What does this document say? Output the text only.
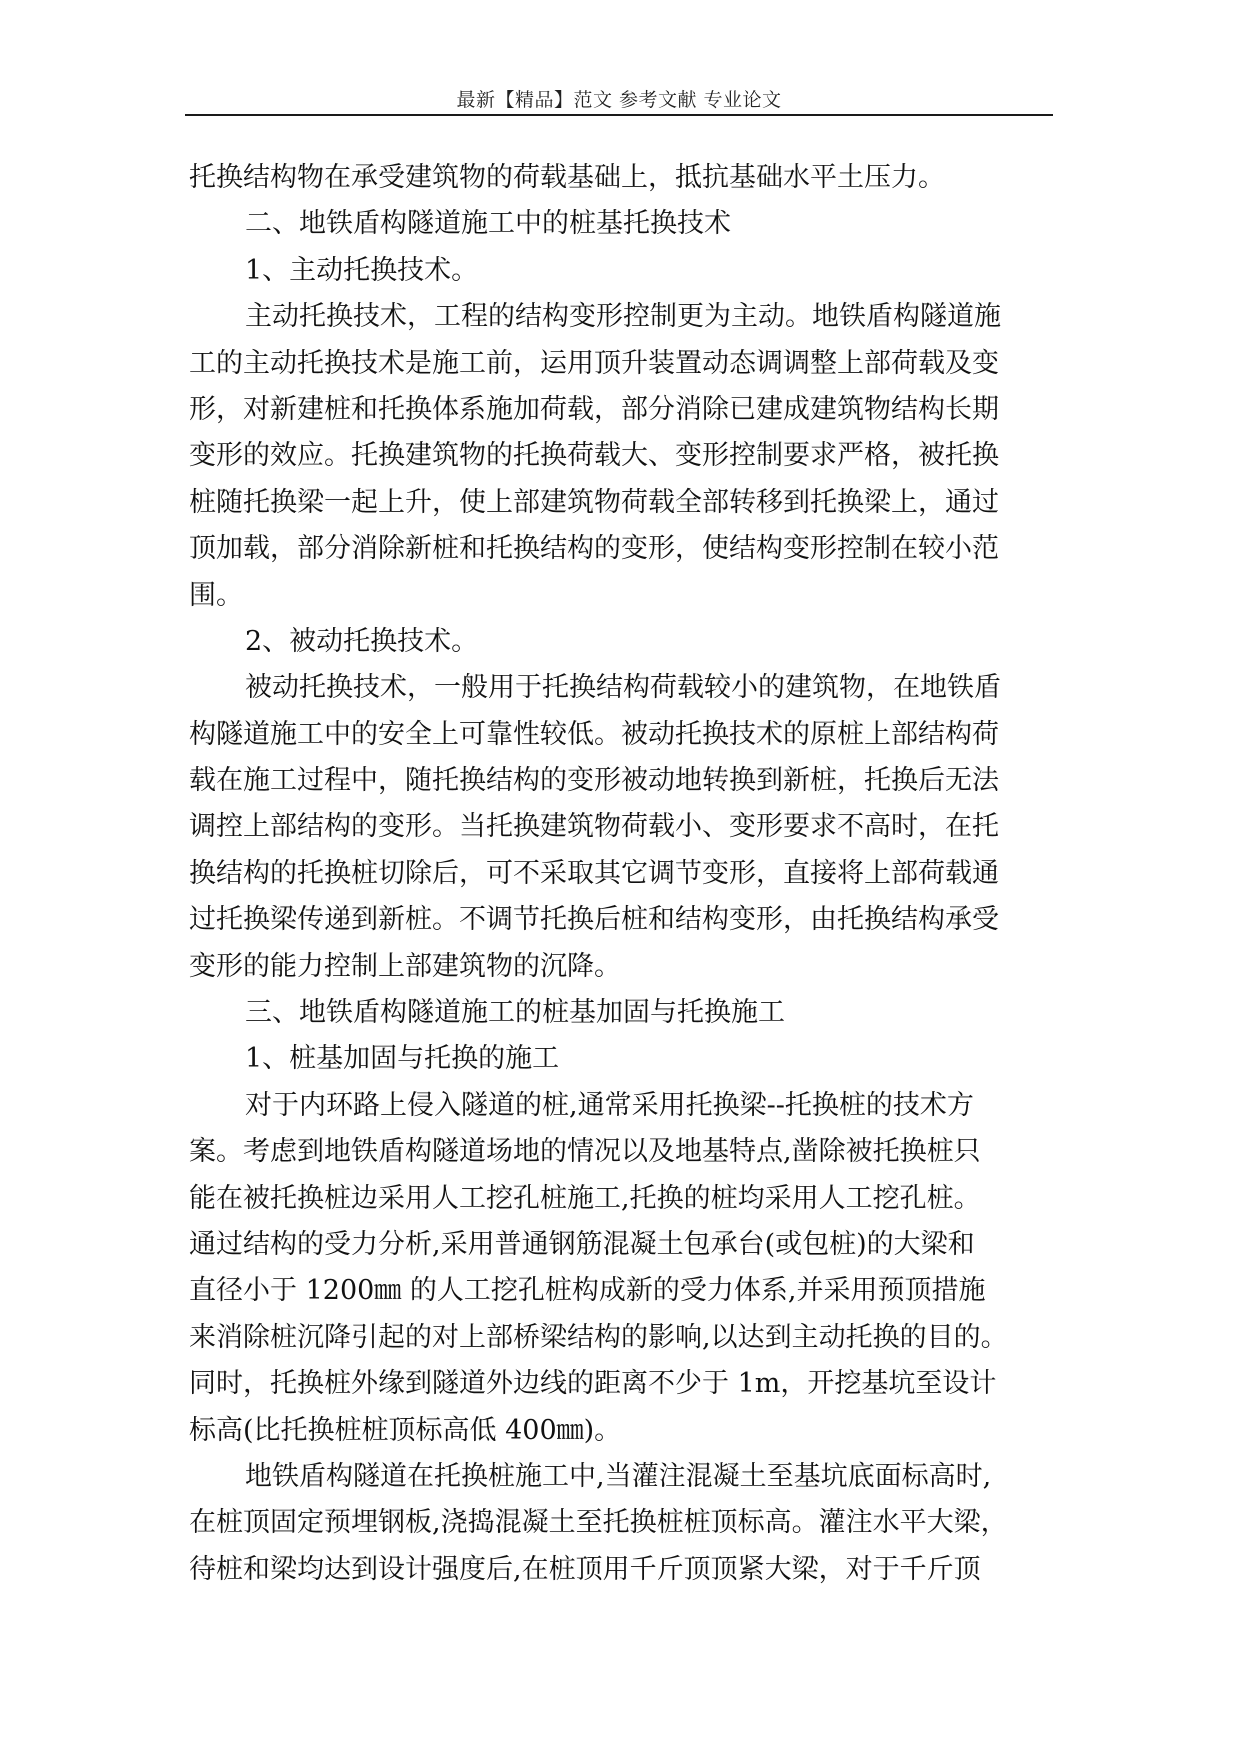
最新【精品】范文 参考文献 专业论文
托换结构物在承受建筑物的荷载基础上，抵抗基础水平土压力。
二、地铁盾构隧道施工中的桩基托换技术
1、主动托换技术。
主动托换技术，工程的结构变形控制更为主动。地铁盾构隧道施
工的主动托换技术是施工前，运用顶升装置动态调调整上部荷载及变
形，对新建桩和托换体系施加荷载，部分消除已建成建筑物结构长期
变形的效应。托换建筑物的托换荷载大、变形控制要求严格，被托换
桩随托换梁一起上升，使上部建筑物荷载全部转移到托换梁上，通过
顶加载，部分消除新桩和托换结构的变形，使结构变形控制在较小范
围。
2、被动托换技术。
被动托换技术，一般用于托换结构荷载较小的建筑物，在地铁盾
构隧道施工中的安全上可靠性较低。被动托换技术的原桩上部结构荷
载在施工过程中，随托换结构的变形被动地转换到新桩，托换后无法
调控上部结构的变形。当托换建筑物荷载小、变形要求不高时，在托
换结构的托换桩切除后，可不采取其它调节变形，直接将上部荷载通
过托换梁传递到新桩。不调节托换后桩和结构变形，由托换结构承受
变形的能力控制上部建筑物的沉降。
三、地铁盾构隧道施工的桩基加固与托换施工
1、桩基加固与托换的施工
对于内环路上侵入隧道的桩,通常采用托换梁--托换桩的技术方
案。考虑到地铁盾构隧道场地的情况以及地基特点,凿除被托换桩只
能在被托换桩边采用人工挖孔桩施工,托换的桩均采用人工挖孔桩。
通过结构的受力分析,采用普通钢筋混凝土包承台(或包桩)的大梁和
直径小于 1200㎜ 的人工挖孔桩构成新的受力体系,并采用预顶措施
来消除桩沉降引起的对上部桥梁结构的影响,以达到主动托换的目的。
同时，托换桩外缘到隧道外边线的距离不少于 1m，开挖基坑至设计
标高(比托换桩桩顶标高低 400㎜)。
地铁盾构隧道在托换桩施工中,当灌注混凝土至基坑底面标高时,
在桩顶固定预埋钢板,浇捣混凝土至托换桩桩顶标高。灌注水平大梁，
待桩和梁均达到设计强度后,在桩顶用千斤顶顶紧大梁，对于千斤顶
